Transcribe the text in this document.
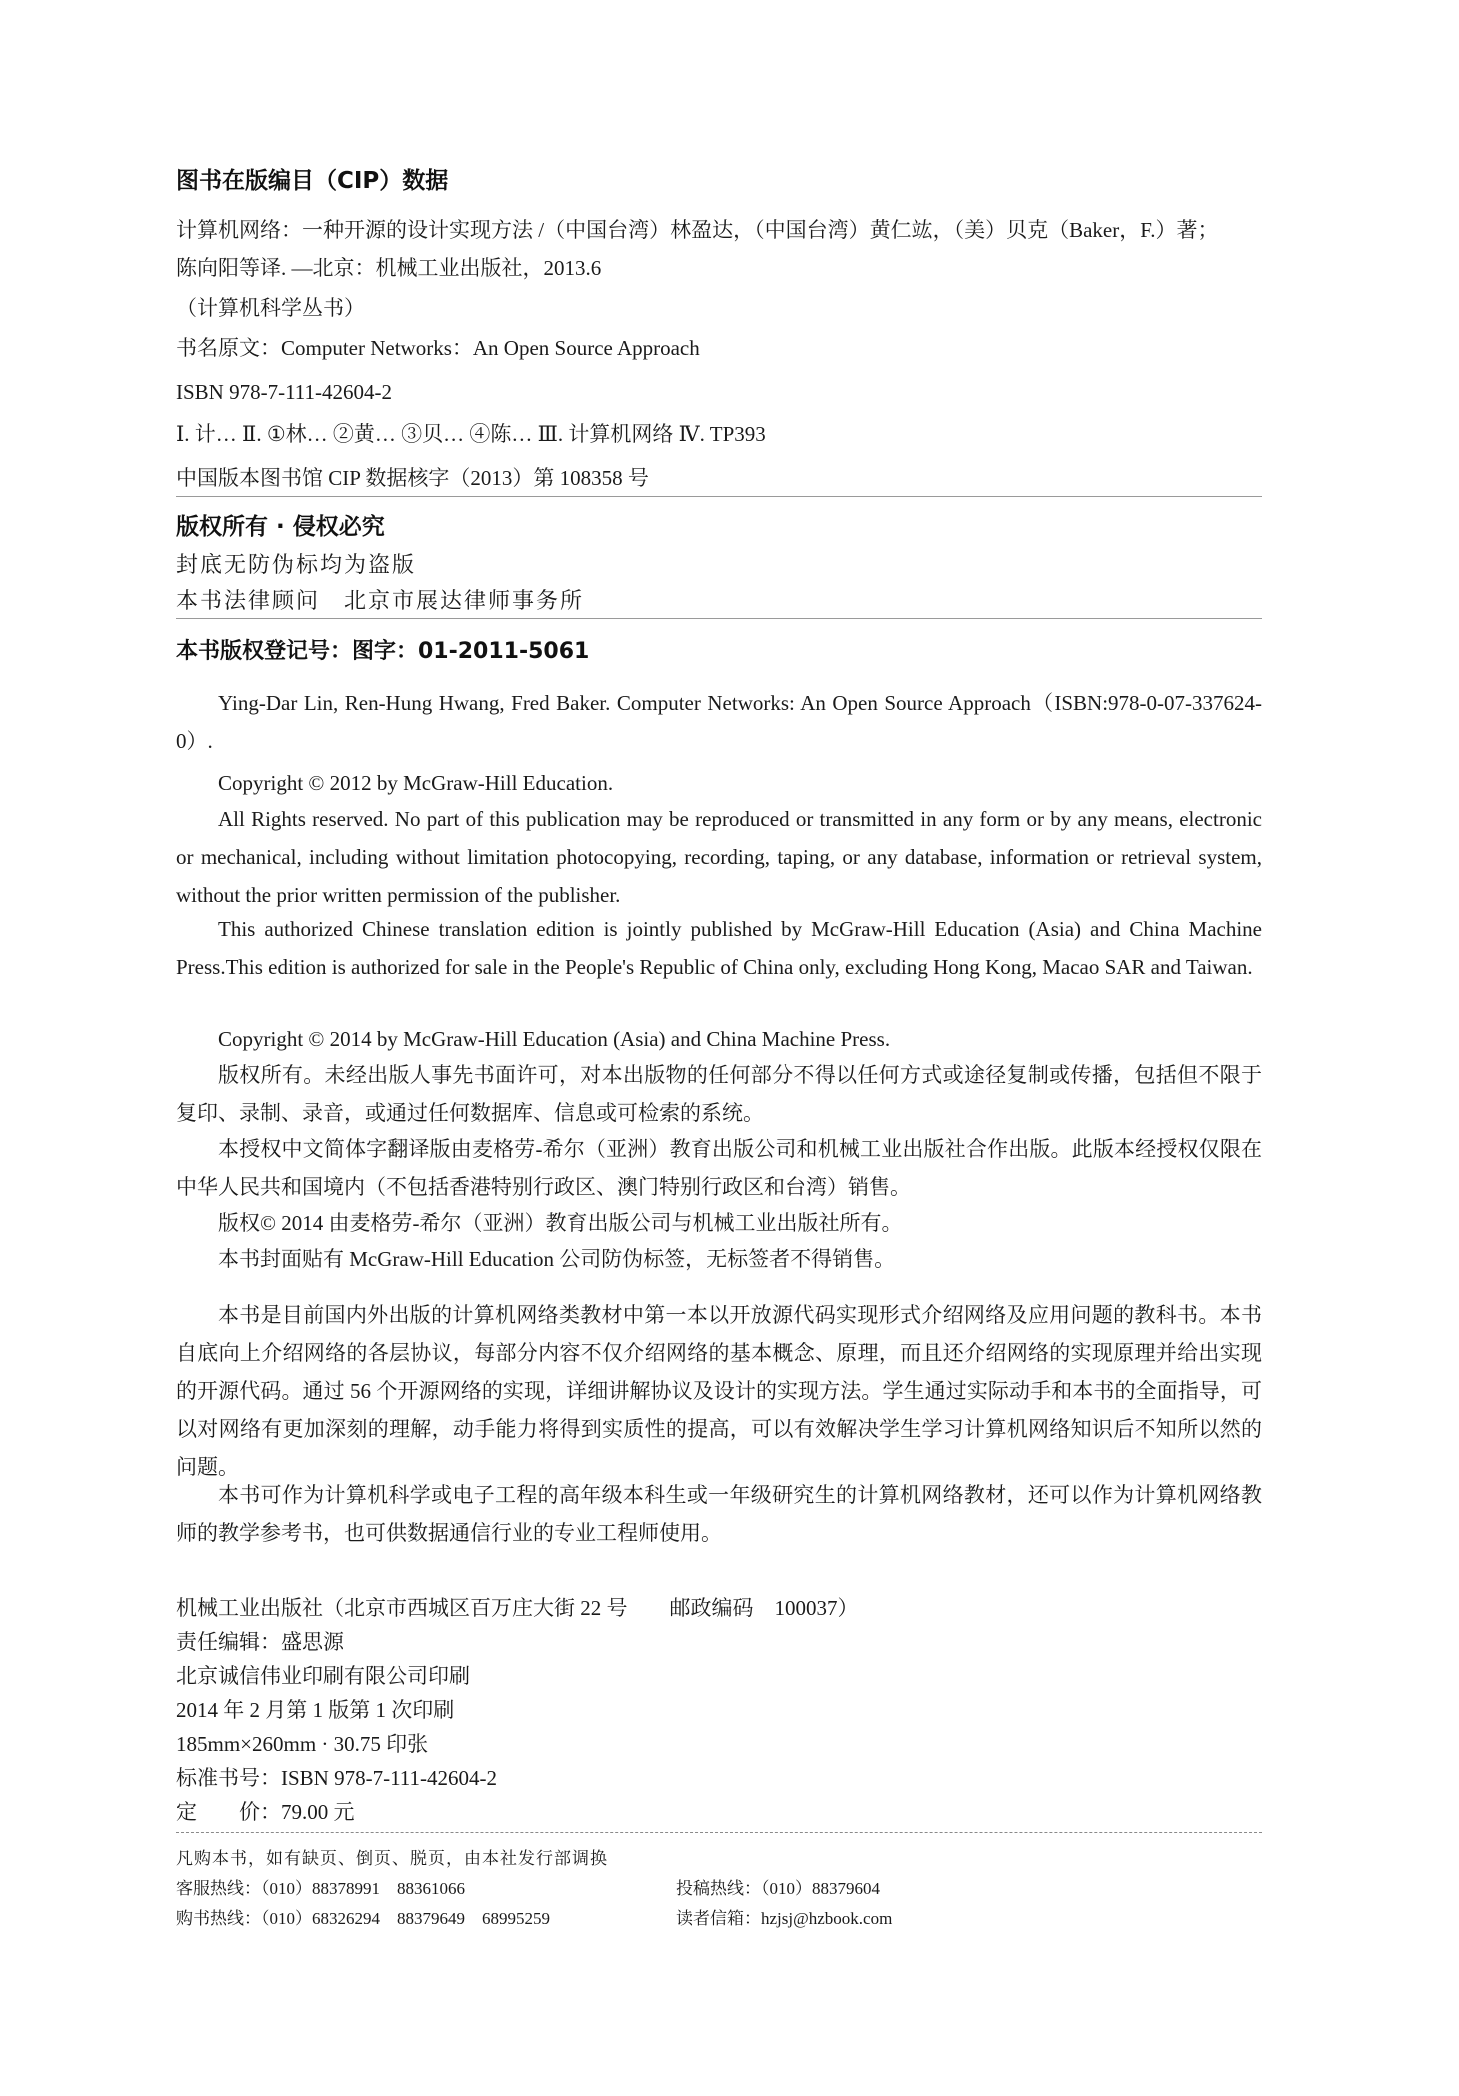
图书在版编目（CIP）数据
计算机网络：一种开源的设计实现方法 /（中国台湾）林盈达，（中国台湾）黄仁竑，（美）贝克（Baker，F.）著；
陈向阳等译. —北京：机械工业出版社，2013.6
（计算机科学丛书）
书名原文：Computer Networks：An Open Source Approach
ISBN 978-7-111-42604-2
Ⅰ. 计… Ⅱ. ①林… ②黄… ③贝… ④陈… Ⅲ. 计算机网络 Ⅳ. TP393
中国版本图书馆 CIP 数据核字（2013）第 108358 号
版权所有 · 侵权必究
封底无防伪标均为盗版
本书法律顾问　北京市展达律师事务所
本书版权登记号：图字：01-2011-5061
Ying-Dar Lin, Ren-Hung Hwang, Fred Baker. Computer Networks: An Open Source Approach（ISBN:978-0-07-337624-0）.
Copyright © 2012 by McGraw-Hill Education.
All Rights reserved. No part of this publication may be reproduced or transmitted in any form or by any means, electronic or mechanical, including without limitation photocopying, recording, taping, or any database, information or retrieval system, without the prior written permission of the publisher.
This authorized Chinese translation edition is jointly published by McGraw-Hill Education (Asia) and China Machine Press.This edition is authorized for sale in the People's Republic of China only, excluding Hong Kong, Macao SAR and Taiwan.
Copyright © 2014 by McGraw-Hill Education (Asia) and China Machine Press.
版权所有。未经出版人事先书面许可，对本出版物的任何部分不得以任何方式或途径复制或传播，包括但不限于复印、录制、录音，或通过任何数据库、信息或可检索的系统。
本授权中文简体字翻译版由麦格劳-希尔（亚洲）教育出版公司和机械工业出版社合作出版。此版本经授权仅限在中华人民共和国境内（不包括香港特别行政区、澳门特别行政区和台湾）销售。
版权© 2014 由麦格劳-希尔（亚洲）教育出版公司与机械工业出版社所有。
本书封面贴有 McGraw-Hill Education 公司防伪标签，无标签者不得销售。
本书是目前国内外出版的计算机网络类教材中第一本以开放源代码实现形式介绍网络及应用问题的教科书。本书自底向上介绍网络的各层协议，每部分内容不仅介绍网络的基本概念、原理，而且还介绍网络的实现原理并给出实现的开源代码。通过 56 个开源网络的实现，详细讲解协议及设计的实现方法。学生通过实际动手和本书的全面指导，可以对网络有更加深刻的理解，动手能力将得到实质性的提高，可以有效解决学生学习计算机网络知识后不知所以然的问题。
本书可作为计算机科学或电子工程的高年级本科生或一年级研究生的计算机网络教材，还可以作为计算机网络教师的教学参考书，也可供数据通信行业的专业工程师使用。
机械工业出版社（北京市西城区百万庄大街 22 号　　邮政编码　100037）
责任编辑：盛思源
北京诚信伟业印刷有限公司印刷
2014 年 2 月第 1 版第 1 次印刷
185mm×260mm · 30.75 印张
标准书号：ISBN 978-7-111-42604-2
定　　价：79.00 元
凡购本书，如有缺页、倒页、脱页，由本社发行部调换
客服热线：（010）88378991　88361066	投稿热线：（010）88379604
购书热线：（010）68326294　88379649　68995259	读者信箱：hzjsj@hzbook.com
